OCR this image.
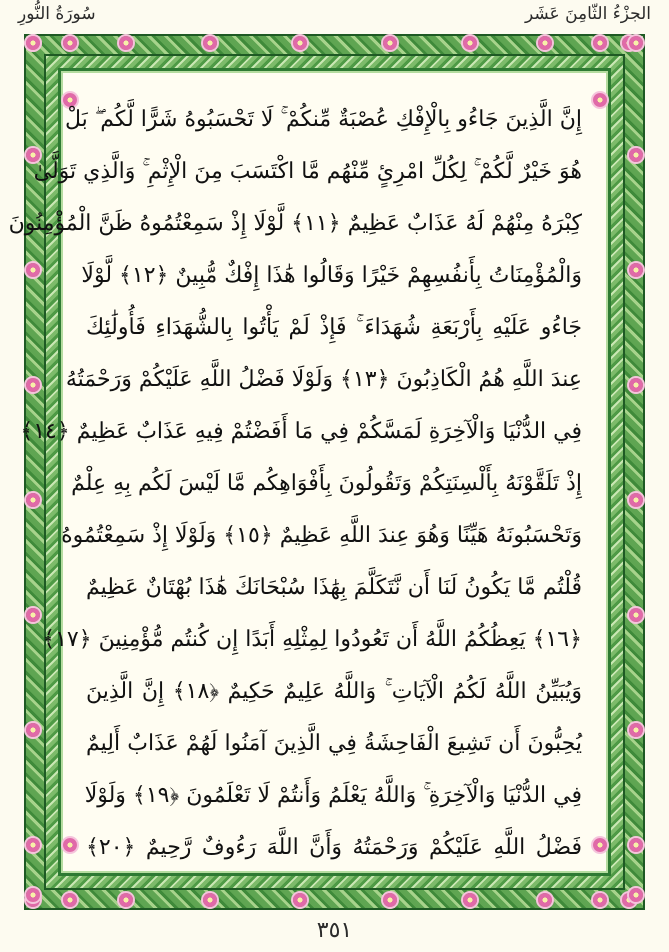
سُورَةُ النُّورِ	الجزْءُ الثّامِنَ عَشَر
إِنَّ الَّذِينَ جَاءُو بِالْإِفْكِ عُصْبَةٌ مِّنكُمْ ۚ لَا تَحْسَبُوهُ شَرًّا لَّكُم ۖ بَلْ
هُوَ خَيْرٌ لَّكُمْ ۚ لِكُلِّ امْرِئٍ مِّنْهُم مَّا اكْتَسَبَ مِنَ الْإِثْمِ ۚ وَالَّذِي تَوَلَّىٰ
كِبْرَهُ مِنْهُمْ لَهُ عَذَابٌ عَظِيمٌ ﴿١١﴾ لَّوْلَا إِذْ سَمِعْتُمُوهُ ظَنَّ الْمُؤْمِنُونَ
وَالْمُؤْمِنَاتُ بِأَنفُسِهِمْ خَيْرًا وَقَالُوا هَٰذَا إِفْكٌ مُّبِينٌ ﴿١٢﴾ لَّوْلَا
جَاءُو عَلَيْهِ بِأَرْبَعَةِ شُهَدَاءَ ۚ فَإِذْ لَمْ يَأْتُوا بِالشُّهَدَاءِ فَأُولَٰئِكَ
عِندَ اللَّهِ هُمُ الْكَاذِبُونَ ﴿١٣﴾ وَلَوْلَا فَضْلُ اللَّهِ عَلَيْكُمْ وَرَحْمَتُهُ
فِي الدُّنْيَا وَالْآخِرَةِ لَمَسَّكُمْ فِي مَا أَفَضْتُمْ فِيهِ عَذَابٌ عَظِيمٌ ﴿١٤﴾
إِذْ تَلَقَّوْنَهُ بِأَلْسِنَتِكُمْ وَتَقُولُونَ بِأَفْوَاهِكُم مَّا لَيْسَ لَكُم بِهِ عِلْمٌ
وَتَحْسَبُونَهُ هَيِّنًا وَهُوَ عِندَ اللَّهِ عَظِيمٌ ﴿١٥﴾ وَلَوْلَا إِذْ سَمِعْتُمُوهُ
قُلْتُم مَّا يَكُونُ لَنَا أَن نَّتَكَلَّمَ بِهَٰذَا سُبْحَانَكَ هَٰذَا بُهْتَانٌ عَظِيمٌ
﴿١٦﴾ يَعِظُكُمُ اللَّهُ أَن تَعُودُوا لِمِثْلِهِ أَبَدًا إِن كُنتُم مُّؤْمِنِينَ ﴿١٧﴾
وَيُبَيِّنُ اللَّهُ لَكُمُ الْآيَاتِ ۚ وَاللَّهُ عَلِيمٌ حَكِيمٌ ﴿١٨﴾ إِنَّ الَّذِينَ
يُحِبُّونَ أَن تَشِيعَ الْفَاحِشَةُ فِي الَّذِينَ آمَنُوا لَهُمْ عَذَابٌ أَلِيمٌ
فِي الدُّنْيَا وَالْآخِرَةِ ۚ وَاللَّهُ يَعْلَمُ وَأَنتُمْ لَا تَعْلَمُونَ ﴿١٩﴾ وَلَوْلَا
فَضْلُ اللَّهِ عَلَيْكُمْ وَرَحْمَتُهُ وَأَنَّ اللَّهَ رَءُوفٌ رَّحِيمٌ ﴿٢٠﴾
٣٥١
